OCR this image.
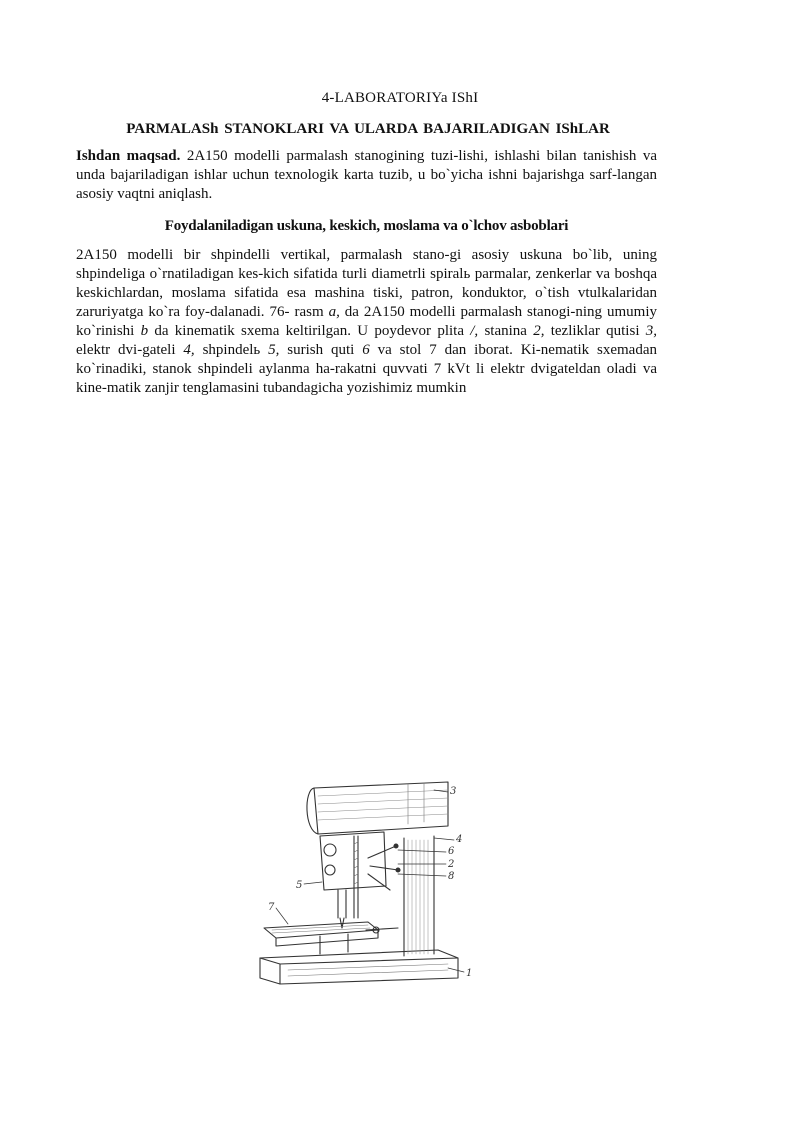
4-LABORATORIYa IShI

PARMALASh STANOKLARI VA ULARDA BAJARILADIGAN IShLAR

Ishdan maqsad. 2A150 modelli parmalash stanogining tuzi-lishi, ishlashi bilan tanishish va unda bajariladigan ishlar uchun texnologik karta tuzib, u bo`yicha ishni bajarishga sarf-langan asosiy vaqtni aniqlash.

Foydalaniladigan uskuna, keskich, moslama va o`lchov asboblari

2A150 modelli bir shpindelli vertikal, parmalash stano-gi asosiy uskuna bo`lib, uning shpindeliga o`rnatiladigan kes-kich sifatida turli diametrli spiralь parmalar, zenkerlar va boshqa keskichlardan, moslama sifatida esa mashina tiski, patron, konduktor, o`tish vtulkalaridan zaruriyatga ko`ra foy-dalanadi. 76- rasm a, da 2A150 modelli parmalash stanogi-ning umumiy ko`rinishi b da kinematik sxema keltirilgan. U poydevor plita /, stanina 2, tezliklar qutisi 3, elektr dvi-gateli 4, shpindelь 5, surish quti 6 va stol 7 dan iborat. Ki-nematik sxemadan ko`rinadiki, stanok shpindeli aylanma ha-rakatni quvvati 7 kVt li elektr dvigateldan oladi va kine-matik zanjir tenglamasini tubandagicha yozishimiz mumkin

3
4
6
2
8
5
7
1
